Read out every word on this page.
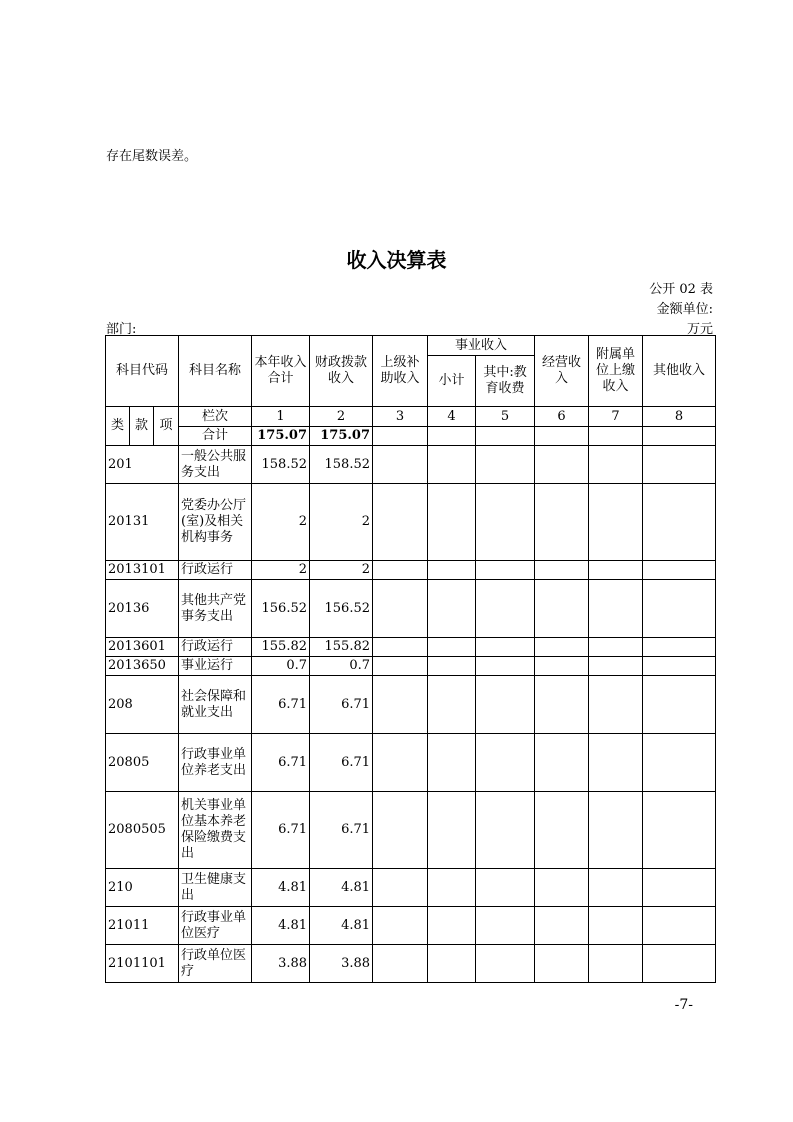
存在尾数误差。
收入决算表
公开 02 表
金额单位:
部门:	万元
科目代码			科目名称	本年收入合计	财政拨款收入	上级补助收入	事业收入		经营收入	附属单位上缴收入	其他收入
							小计	其中:教育收费			
类	款	项	栏次	1	2	3	4	5	6	7	8
			合计	175.07	175.07						
201			一般公共服务支出	158.52	158.52						
20131			党委办公厅(室)及相关机构事务	2	2						
2013101			行政运行	2	2						
20136			其他共产党事务支出	156.52	156.52						
2013601			行政运行	155.82	155.82						
2013650			事业运行	0.7	0.7						
208			社会保障和就业支出	6.71	6.71						
20805			行政事业单位养老支出	6.71	6.71						
2080505			机关事业单位基本养老保险缴费支出	6.71	6.71						
210			卫生健康支出	4.81	4.81						
21011			行政事业单位医疗	4.81	4.81						
2101101			行政单位医疗	3.88	3.88						
-7-
